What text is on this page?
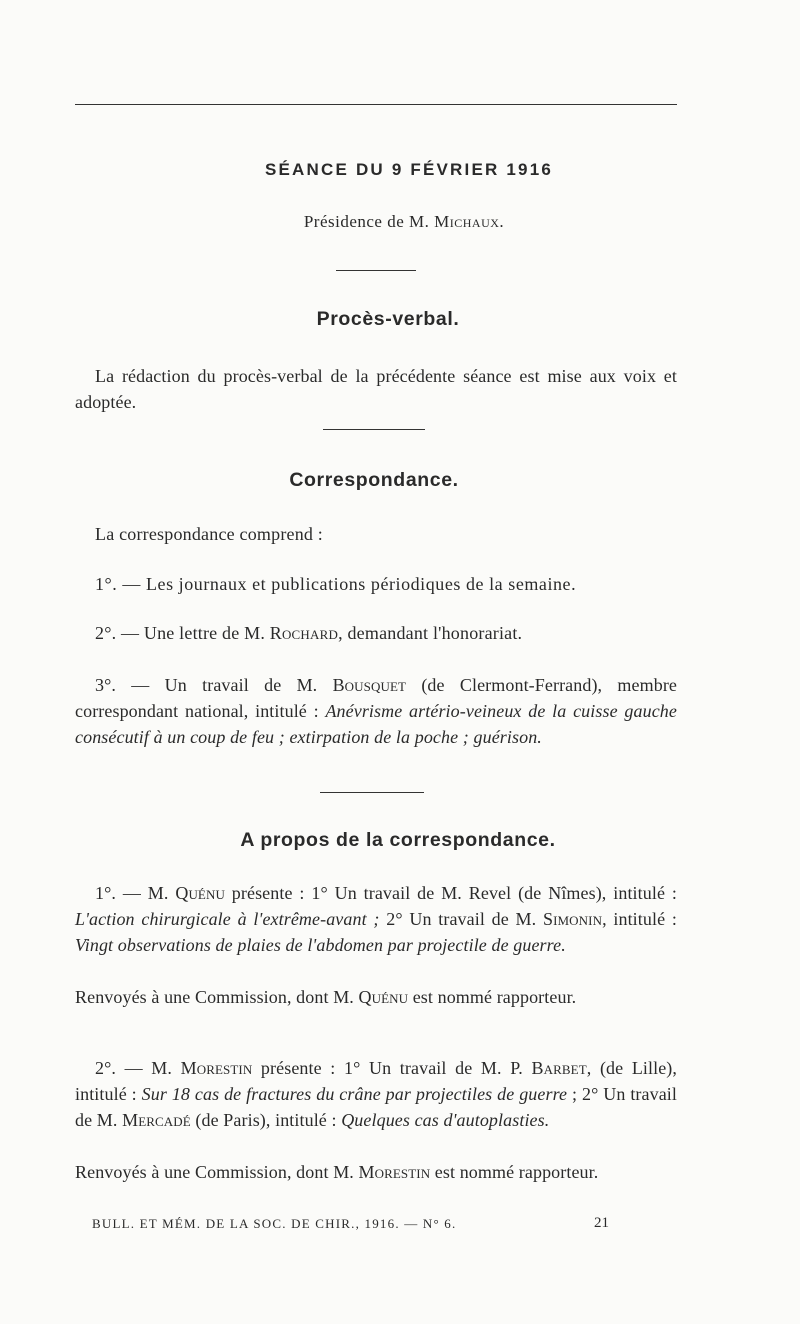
SÉANCE DU 9 FÉVRIER 1916
Présidence de M. Michaux.
Procès-verbal.
La rédaction du procès-verbal de la précédente séance est mise aux voix et adoptée.
Correspondance.
La correspondance comprend :
1°. — Les journaux et publications périodiques de la semaine.
2°. — Une lettre de M. Rochard, demandant l'honorariat.
3°. — Un travail de M. Bousquet (de Clermont-Ferrand), membre correspondant national, intitulé : Anévrisme artério-veineux de la cuisse gauche consécutif à un coup de feu ; extirpation de la poche ; guérison.
A propos de la correspondance.
1°. — M. Quénu présente : 1° Un travail de M. Revel (de Nîmes), intitulé : L'action chirurgicale à l'extrême-avant ; 2° Un travail de M. Simonin, intitulé : Vingt observations de plaies de l'abdomen par projectile de guerre.
Renvoyés à une Commission, dont M. Quénu est nommé rapporteur.
2°. — M. Morestin présente : 1° Un travail de M. P. Barbet, (de Lille), intitulé : Sur 18 cas de fractures du crâne par projectiles de guerre ; 2° Un travail de M. Mercadé (de Paris), intitulé : Quelques cas d'autoplasties.
Renvoyés à une Commission, dont M. Morestin est nommé rapporteur.
BULL. ET MÉM. DE LA SOC. DE CHIR., 1916. — N° 6.	21
